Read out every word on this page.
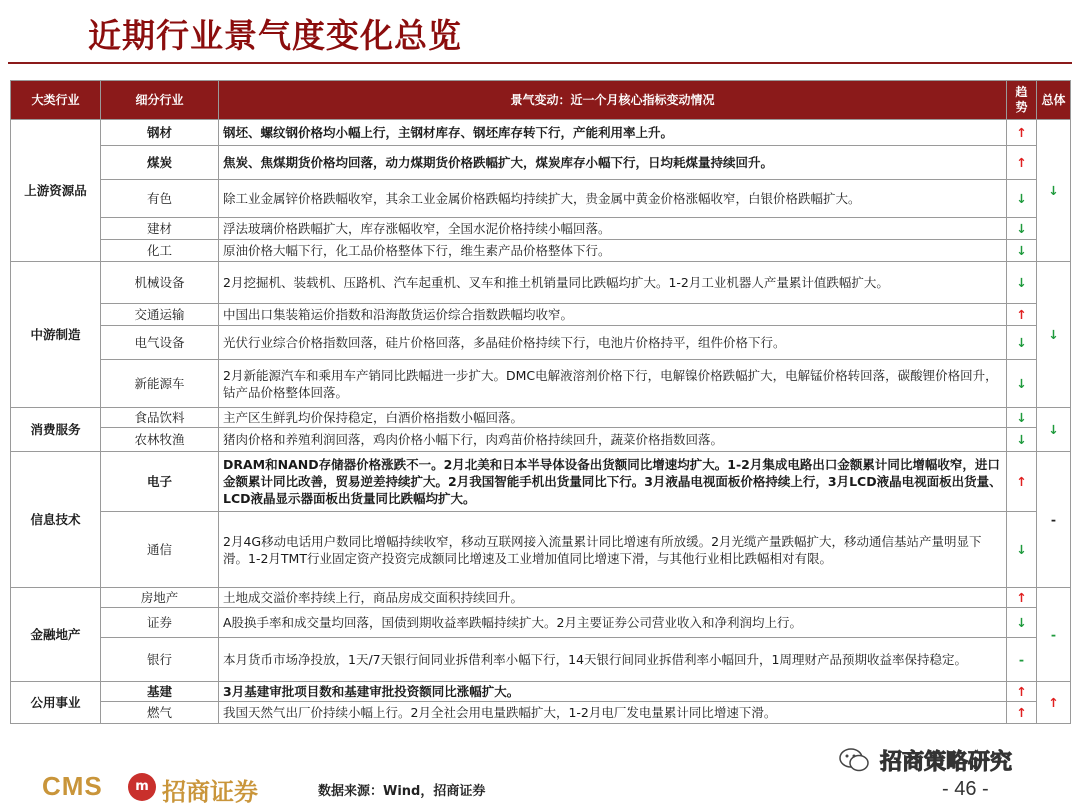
近期行业景气度变化总览
大类行业	细分行业	景气变动：近一个月核心指标变动情况	趋势	总体
上游资源品	钢材	钢坯、螺纹钢价格均小幅上行，主钢材库存、钢坯库存转下行，产能利用率上升。	↑	↓
	煤炭	焦炭、焦煤期货价格均回落，动力煤期货价格跌幅扩大，煤炭库存小幅下行，日均耗煤量持续回升。	↑	
	有色	除工业金属锌价格跌幅收窄，其余工业金属价格跌幅均持续扩大，贵金属中黄金价格涨幅收窄，白银价格跌幅扩大。	↓	
	建材	浮法玻璃价格跌幅扩大，库存涨幅收窄，全国水泥价格持续小幅回落。	↓	
	化工	原油价格大幅下行，化工品价格整体下行，维生素产品价格整体下行。	↓	
中游制造	机械设备	2月挖掘机、装载机、压路机、汽车起重机、叉车和推土机销量同比跌幅均扩大。1-2月工业机器人产量累计值跌幅扩大。	↓	↓
	交通运输	中国出口集装箱运价指数和沿海散货运价综合指数跌幅均收窄。	↑	
	电气设备	光伏行业综合价格指数回落，硅片价格回落，多晶硅价格持续下行，电池片价格持平，组件价格下行。	↓	
	新能源车	2月新能源汽车和乘用车产销同比跌幅进一步扩大。DMC电解液溶剂价格下行，电解镍价格跌幅扩大，电解锰价格转回落，碳酸锂价格回升，钴产品价格整体回落。	↓	
消费服务	食品饮料	主产区生鲜乳均价保持稳定，白酒价格指数小幅回落。	↓	↓
	农林牧渔	猪肉价格和养殖利润回落，鸡肉价格小幅下行，肉鸡苗价格持续回升，蔬菜价格指数回落。	↓	
信息技术	电子	DRAM和NAND存储器价格涨跌不一。2月北美和日本半导体设备出货额同比增速均扩大。1-2月集成电路出口金额累计同比增幅收窄，进口金额累计同比改善，贸易逆差持续扩大。2月我国智能手机出货量同比下行。3月液晶电视面板价格持续上行，3月LCD液晶电视面板出货量、LCD液晶显示器面板出货量同比跌幅均扩大。	↑	-
	通信	2月4G移动电话用户数同比增幅持续收窄，移动互联网接入流量累计同比增速有所放缓。2月光缆产量跌幅扩大，移动通信基站产量明显下滑。1-2月TMT行业固定资产投资完成额同比增速及工业增加值同比增速下滑，与其他行业相比跌幅相对有限。	↓	
金融地产	房地产	土地成交溢价率持续上行，商品房成交面积持续回升。	↑	-
	证券	A股换手率和成交量均回落，国债到期收益率跌幅持续扩大。2月主要证券公司营业收入和净利润均上行。	↓	
	银行	本月货币市场净投放，1天/7天银行间同业拆借利率小幅下行，14天银行间同业拆借利率小幅回升，1周理财产品预期收益率保持稳定。	-	
公用事业	基建	3月基建审批项目数和基建审批投资额同比涨幅扩大。	↑	↑
	燃气	我国天然气出厂价持续小幅上行。2月全社会用电量跌幅扩大，1-2月电厂发电量累计同比增速下滑。	↑	
招商策略研究
CMS	m 招商证券	数据来源：Wind，招商证券	- 46 -
